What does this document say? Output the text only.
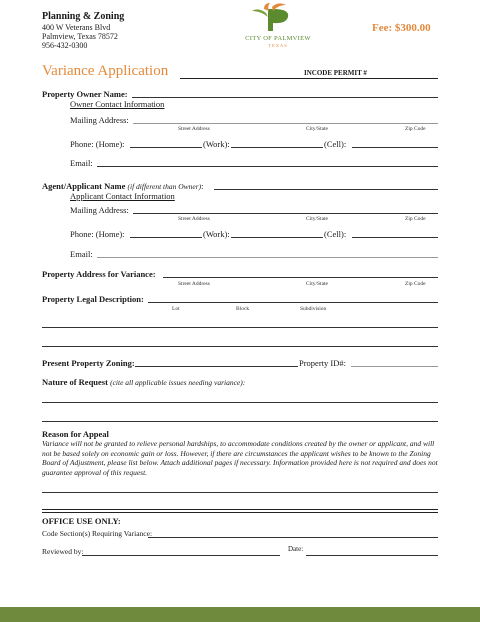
Planning & Zoning
400 W Veterans Blvd
Palmview, Texas 78572
956-432-0300
CITY OF PALMVIEW
TEXAS
Fee: $300.00
Variance Application	INCODE PERMIT #
Property Owner Name:
Owner Contact Information
Mailing Address:
Street Address	City/State	Zip Code
Phone: (Home):	(Work):	(Cell):
Email:
Agent/Applicant Name (if different than Owner):
Applicant Contact Information
Mailing Address:
Street Address	City/State	Zip Code
Phone: (Home):	(Work):	(Cell):
Email:
Property Address for Variance:
Street Address	City/State	Zip Code
Property Legal Description:
Lot	Block	Subdivision
Present Property Zoning:	Property ID#:
Nature of Request (cite all applicable issues needing variance):
Reason for Appeal
Variance will not be granted to relieve personal hardships, to accommodate conditions created by the owner or applicant, and will not be based solely on economic gain or loss. However, if there are circumstances the applicant wishes to be known to the Zoning Board of Adjustment, please list below. Attach additional pages if necessary. Information provided here is not required and does not guarantee approval of this request.
OFFICE USE ONLY:
Code Section(s) Requiring Variance:
Reviewed by:	Date:
